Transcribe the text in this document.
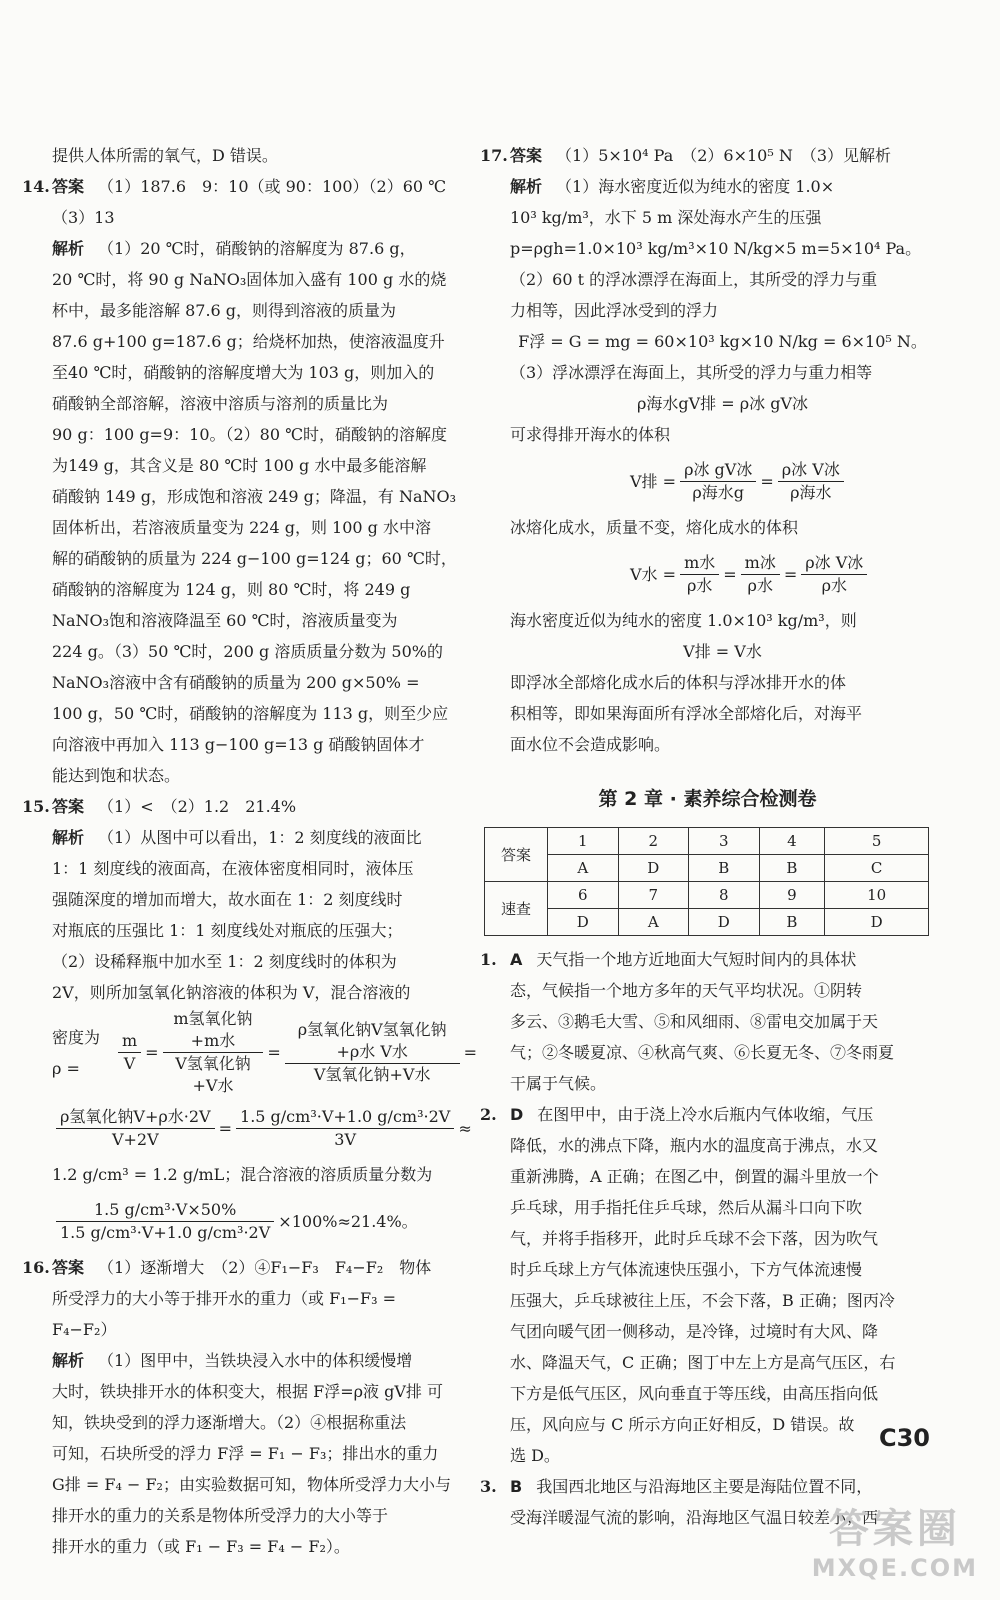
提供人体所需的氧气，D 错误。

14. 答案 （1）187.6　9：10（或 90：100）（2）60 ℃

（3）13

解析 （1）20 ℃时，硝酸钠的溶解度为 87.6 g，

20 ℃时，将 90 g NaNO₃固体加入盛有 100 g 水的烧

杯中，最多能溶解 87.6 g，则得到溶液的质量为

87.6 g+100 g=187.6 g；给烧杯加热，使溶液温度升

至40 ℃时，硝酸钠的溶解度增大为 103 g，则加入的

硝酸钠全部溶解，溶液中溶质与溶剂的质量比为

90 g：100 g=9：10。（2）80 ℃时，硝酸钠的溶解度

为149 g，其含义是 80 ℃时 100 g 水中最多能溶解

硝酸钠 149 g，形成饱和溶液 249 g；降温，有 NaNO₃

固体析出，若溶液质量变为 224 g，则 100 g 水中溶

解的硝酸钠的质量为 224 g−100 g=124 g；60 ℃时，

硝酸钠的溶解度为 124 g，则 80 ℃时，将 249 g

NaNO₃饱和溶液降温至 60 ℃时，溶液质量变为

224 g。（3）50 ℃时，200 g 溶质质量分数为 50%的

NaNO₃溶液中含有硝酸钠的质量为 200 g×50% =

100 g，50 ℃时，硝酸钠的溶解度为 113 g，则至少应

向溶液中再加入 113 g−100 g=13 g 硝酸钠固体才

能达到饱和状态。

15. 答案 （1）<　（2）1.2　21.4%

解析 （1）从图中可以看出，1：2 刻度线的液面比

1：1 刻度线的液面高，在液体密度相同时，液体压

强随深度的增加而增大，故水面在 1：2 刻度线时

对瓶底的压强比 1：1 刻度线处对瓶底的压强大；

（2）设稀释瓶中加水至 1：2 刻度线时的体积为

2V，则所加氢氧化钠溶液的体积为 V，混合溶液的

密度为 ρ =	$\frac{m}{V} = \frac{\text{m氢氧化钠+m水}}{\text{V氢氧化钠+V水}} = \frac{\text{ρ氢氧化钠V氢氧化钠+ρ水 V水}}{\text{V氢氧化钠+V水}}$ =
$\frac{\text{ρ氢氧化钠V+ρ水·2V}}{V+2V} = \frac{\text{1.5 g/cm³·V+1.0 g/cm³·2V}}{3V}$ ≈

1.2 g/cm³ = 1.2 g/mL；混合溶液的溶质质量分数为

$\frac{\text{1.5 g/cm³·V×50\%}}{\text{1.5 g/cm³·V+1.0 g/cm³·2V}} \times 100\%\approx 21.4\%$。

16. 答案 （1）逐渐增大　（2）④F₁−F₃　F₄−F₂　物体

所受浮力的大小等于排开水的重力（或 F₁−F₃ =

F₄−F₂）

解析 （1）图甲中，当铁块浸入水中的体积缓慢增

大时，铁块排开水的体积变大，根据 F浮=ρ液 gV排 可

知，铁块受到的浮力逐渐增大。（2）④根据称重法

可知，石块所受的浮力 F浮 = F₁ − F₃；排出水的重力

G排 = F₄ − F₂；由实验数据可知，物体所受浮力大小与

排开水的重力的关系是物体所受浮力的大小等于

排开水的重力（或 F₁ − F₃ = F₄ − F₂）。

17. 答案 （1）5×10⁴ Pa　（2）6×10⁵ N　（3）见解析

解析 （1）海水密度近似为纯水的密度 1.0×

10³ kg/m³，水下 5 m 深处海水产生的压强

p=ρgh=1.0×10³ kg/m³×10 N/kg×5 m=5×10⁴ Pa。

（2）60 t 的浮冰漂浮在海面上，其所受的浮力与重

力相等，因此浮冰受到的浮力

F浮 = G = mg = 60×10³ kg×10 N/kg = 6×10⁵ N。

（3）浮冰漂浮在海面上，其所受的浮力与重力相等

ρ海水gV排 = ρ冰 gV冰

可求得排开海水的体积

V排 = $\frac{\text{ρ冰 gV冰}}{\text{ρ海水g}} = \frac{\text{ρ冰 V冰}}{\text{ρ海水}}$

冰熔化成水，质量不变，熔化成水的体积

V水 = $\frac{\text{m水}}{\text{ρ水}} = \frac{\text{m冰}}{\text{ρ水}} = \frac{\text{ρ冰 V冰}}{\text{ρ水}}$

海水密度近似为纯水的密度 1.0×10³ kg/m³，则

V排 = V水

即浮冰全部熔化成水后的体积与浮冰排开水的体

积相等，即如果海面所有浮冰全部熔化后，对海平

面水位不会造成影响。

第 2 章 · 素养综合检测卷
答案	1	2	3	4	5
	A	D	B	B	C
速查	6	7	8	9	10
	D	A	D	B	D

1. A 天气指一个地方近地面大气短时间内的具体状

态，气候指一个地方多年的天气平均状况。①阴转

多云、③鹅毛大雪、⑤和风细雨、⑧雷电交加属于天

气；②冬暖夏凉、④秋高气爽、⑥长夏无冬、⑦冬雨夏

干属于气候。

2. D 在图甲中，由于浇上冷水后瓶内气体收缩，气压

降低，水的沸点下降，瓶内水的温度高于沸点，水又

重新沸腾，A 正确；在图乙中，倒置的漏斗里放一个

乒乓球，用手指托住乒乓球，然后从漏斗口向下吹

气，并将手指移开，此时乒乓球不会下落，因为吹气

时乒乓球上方气体流速快压强小，下方气体流速慢

压强大，乒乓球被往上压，不会下落，B 正确；图丙冷

气团向暖气团一侧移动，是冷锋，过境时有大风、降

水、降温天气，C 正确；图丁中左上方是高气压区，右

下方是低气压区，风向垂直于等压线，由高压指向低

压，风向应与 C 所示方向正好相反，D 错误。故

选 D。

3. B 我国西北地区与沿海地区主要是海陆位置不同，

受海洋暖湿气流的影响，沿海地区气温日较差小；西

C30
答案圈
MXQE.COM
